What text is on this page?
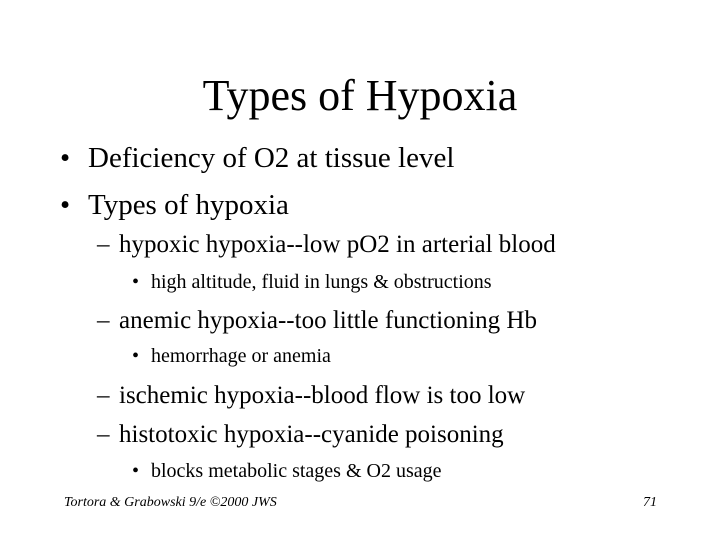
Types of Hypoxia
• Deficiency of O2 at tissue level
• Types of hypoxia
– hypoxic hypoxia--low pO2 in arterial blood
• high altitude, fluid in lungs & obstructions
– anemic hypoxia--too little functioning Hb
• hemorrhage or anemia
– ischemic hypoxia--blood flow is too low
– histotoxic hypoxia--cyanide poisoning
• blocks metabolic stages & O2 usage
Tortora & Grabowski 9/e ©2000 JWS	71
